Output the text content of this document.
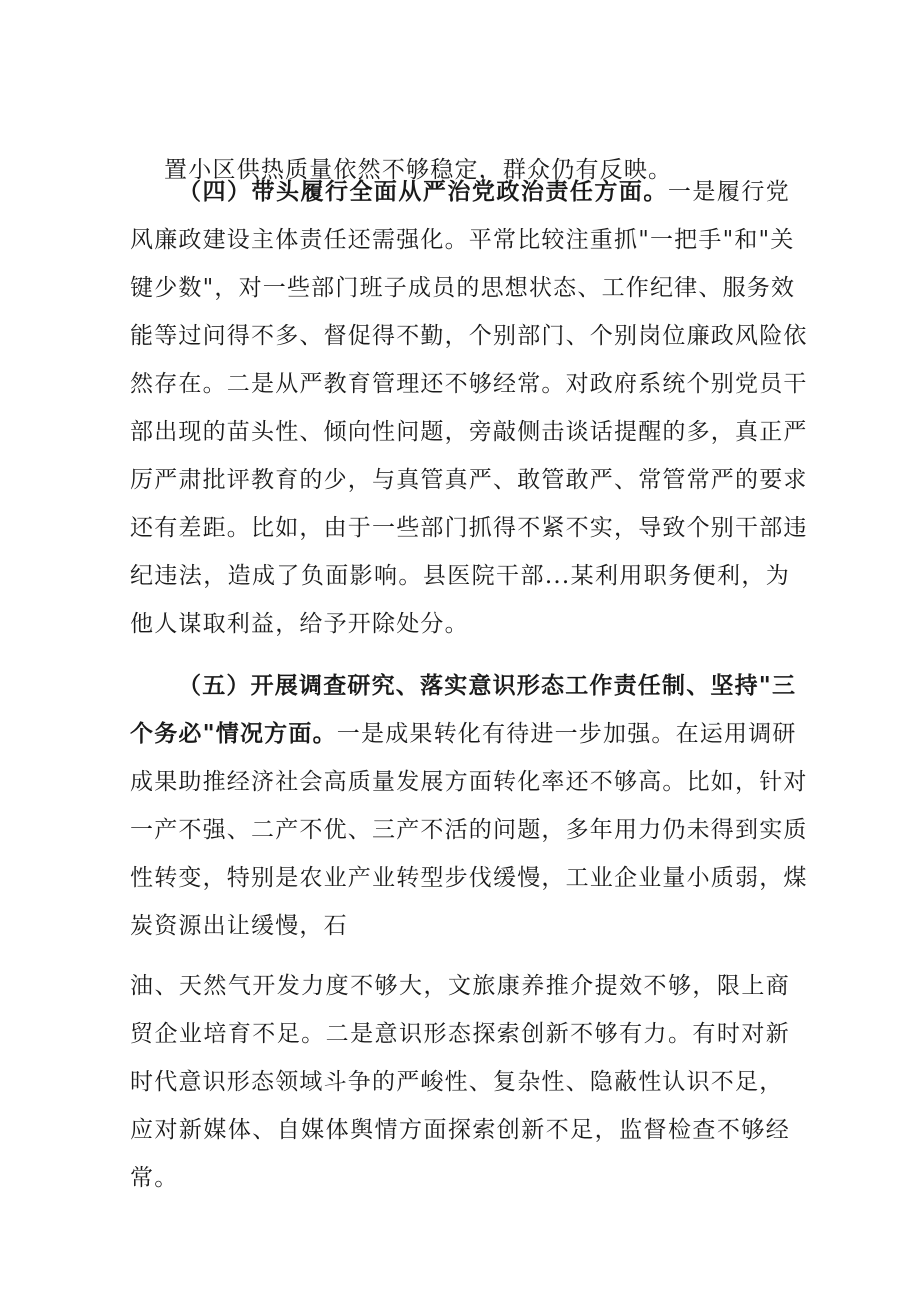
置小区供热质量依然不够稳定，群众仍有反映。

（四）带头履行全面从严治党政治责任方面。一是履行党
风廉政建设主体责任还需强化。平常比较注重抓"一把手"和"关
键少数"，对一些部门班子成员的思想状态、工作纪律、服务效
能等过问得不多、督促得不勤，个别部门、个别岗位廉政风险依
然存在。二是从严教育管理还不够经常。对政府系统个别党员干
部出现的苗头性、倾向性问题，旁敲侧击谈话提醒的多，真正严
厉严肃批评教育的少，与真管真严、敢管敢严、常管常严的要求
还有差距。比如，由于一些部门抓得不紧不实，导致个别干部违
纪违法，造成了负面影响。县医院干部...某利用职务便利，为
他人谋取利益，给予开除处分。
（五）开展调查研究、落实意识形态工作责任制、坚持"三
个务必"情况方面。一是成果转化有待进一步加强。在运用调研
成果助推经济社会高质量发展方面转化率还不够高。比如，针对
一产不强、二产不优、三产不活的问题，多年用力仍未得到实质
性转变，特别是农业产业转型步伐缓慢，工业企业量小质弱，煤
炭资源出让缓慢，石
油、天然气开发力度不够大，文旅康养推介提效不够，限上商
贸企业培育不足。二是意识形态探索创新不够有力。有时对新
时代意识形态领域斗争的严峻性、复杂性、隐蔽性认识不足，
应对新媒体、自媒体舆情方面探索创新不足，监督检查不够经
常。
